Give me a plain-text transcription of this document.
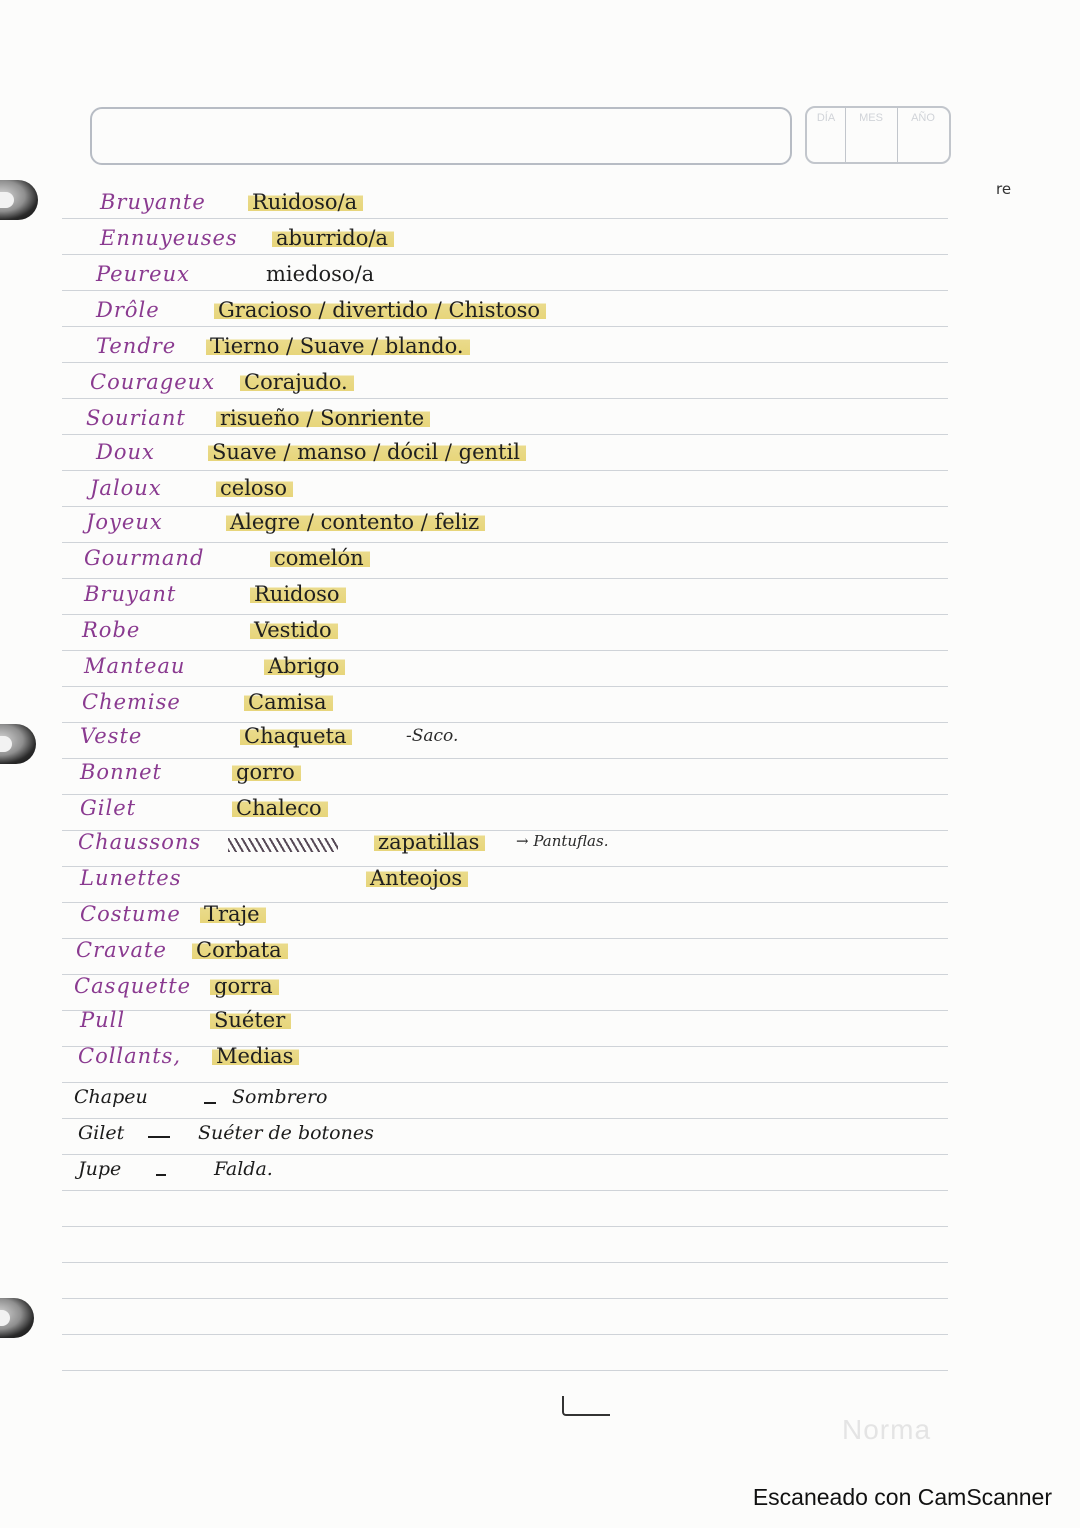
DÍA	MES	AÑO
re
Bruyante Ruidoso/a
Ennuyeuses aburrido/a
Peureux	miedoso/a
Drôle	Gracioso / divertido / Chistoso
Tendre Tierno / Suave / blando.
Courageux Corajudo.
Souriant risueño / Sonriente
Doux	Suave / manso / dócil / gentil
Jaloux	celoso
Joyeux	Alegre / contento / feliz
Gourmand	comelón
Bruyant	Ruidoso
Robe	Vestido
Manteau	Abrigo
Chemise	Camisa
Veste	Chaqueta	-Saco.
Bonnet	gorro
Gilet	Chaleco
Chaussons	zapatillas	→ Pantuflas.
Lunettes	Anteojos
Costume Traje
Cravate Corbata
Casquette gorra
Pull	Suéter
Collants, Medias
Chapeu	Sombrero
Gilet	Suéter de botones
Jupe	Falda.
Norma
Escaneado con CamScanner
